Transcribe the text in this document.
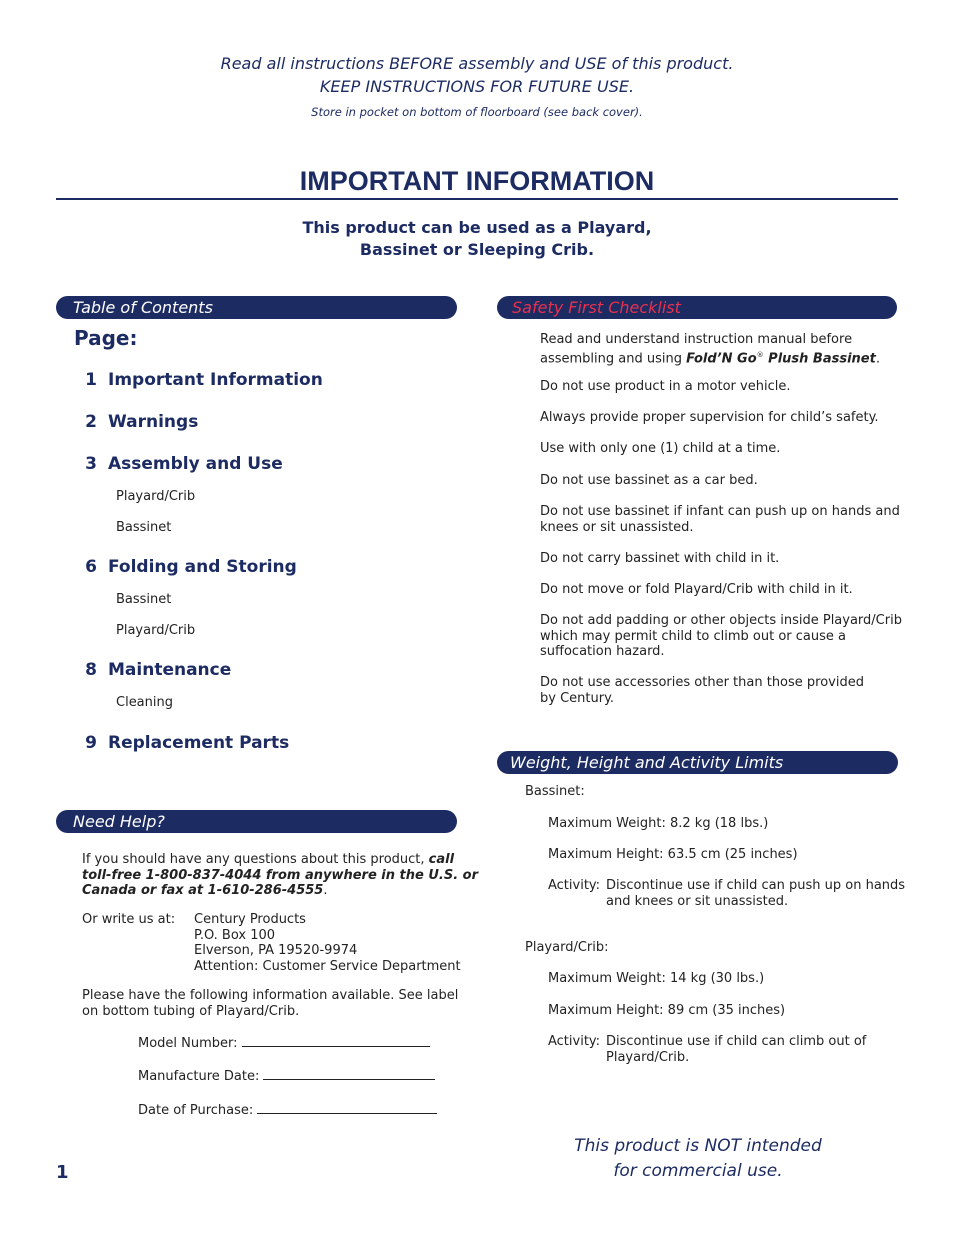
Read all instructions BEFORE assembly and USE of this product.
KEEP INSTRUCTIONS FOR FUTURE USE.
Store in pocket on bottom of floorboard (see back cover).
IMPORTANT INFORMATION
This product can be used as a Playard,
Bassinet or Sleeping Crib.
Table of Contents
Page:
1 Important Information
2 Warnings
3 Assembly and Use
Playard/Crib
Bassinet
6 Folding and Storing
Bassinet
Playard/Crib
8 Maintenance
Cleaning
9 Replacement Parts
Need Help?
If you should have any questions about this product, call
toll-free 1-800-837-4044 from anywhere in the U.S. or
Canada or fax at 1-610-286-4555.
Or write us at: Century Products
P.O. Box 100
Elverson, PA 19520-9974
Attention: Customer Service Department
Please have the following information available. See label
on bottom tubing of Playard/Crib.
Model Number:
Manufacture Date:
Date of Purchase:
Safety First Checklist
Read and understand instruction manual before
assembling and using Fold’N Go® Plush Bassinet.
Do not use product in a motor vehicle.
Always provide proper supervision for child’s safety.
Use with only one (1) child at a time.
Do not use bassinet as a car bed.
Do not use bassinet if infant can push up on hands and
knees or sit unassisted.
Do not carry bassinet with child in it.
Do not move or fold Playard/Crib with child in it.
Do not add padding or other objects inside Playard/Crib
which may permit child to climb out or cause a
suffocation hazard.
Do not use accessories other than those provided
by Century.
Weight, Height and Activity Limits
Bassinet:
Maximum Weight: 8.2 kg (18 lbs.)
Maximum Height: 63.5 cm (25 inches)
Activity: Discontinue use if child can push up on hands
and knees or sit unassisted.
Playard/Crib:
Maximum Weight: 14 kg (30 lbs.)
Maximum Height: 89 cm (35 inches)
Activity: Discontinue use if child can climb out of
Playard/Crib.
This product is NOT intended
for commercial use.
1
